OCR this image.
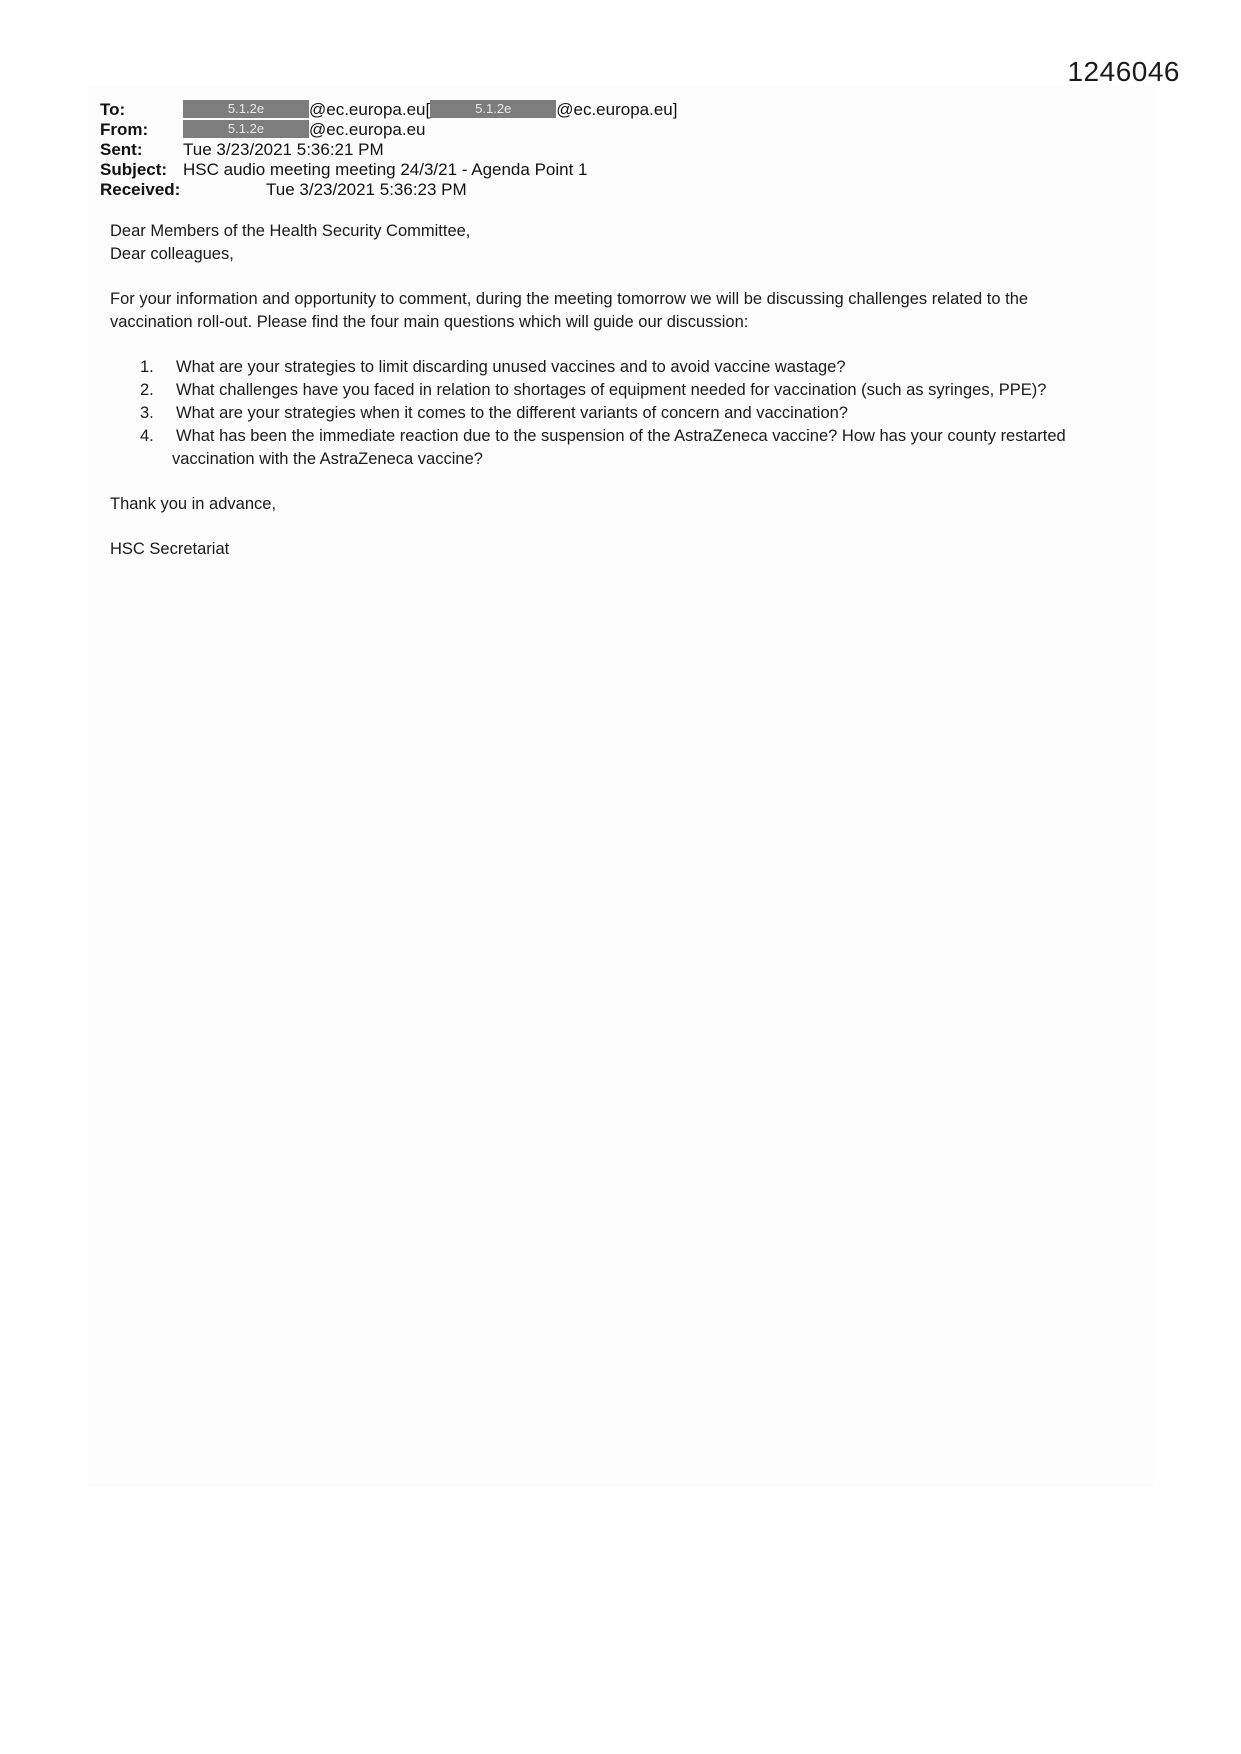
1246046
To:	5.1.2e	@ec.europa.eu[	5.1.2e	@ec.europa.eu]
From:	5.1.2e	@ec.europa.eu
Sent: Tue 3/23/2021 5:36:21 PM
Subject: HSC audio meeting meeting 24/3/21 - Agenda Point 1
Received:	Tue 3/23/2021 5:36:23 PM

Dear Members of the Health Security Committee,

Dear colleagues,

For your information and opportunity to comment, during the meeting tomorrow we will be discussing challenges related to the

vaccination roll-out. Please find the four main questions which will guide our discussion:

1. What are your strategies to limit discarding unused vaccines and to avoid vaccine wastage?
2. What challenges have you faced in relation to shortages of equipment needed for vaccination (such as syringes, PPE)?
3. What are your strategies when it comes to the different variants of concern and vaccination?
4. What has been the immediate reaction due to the suspension of the AstraZeneca vaccine? How has your county restarted
vaccination with the AstraZeneca vaccine?

Thank you in advance,

HSC Secretariat
